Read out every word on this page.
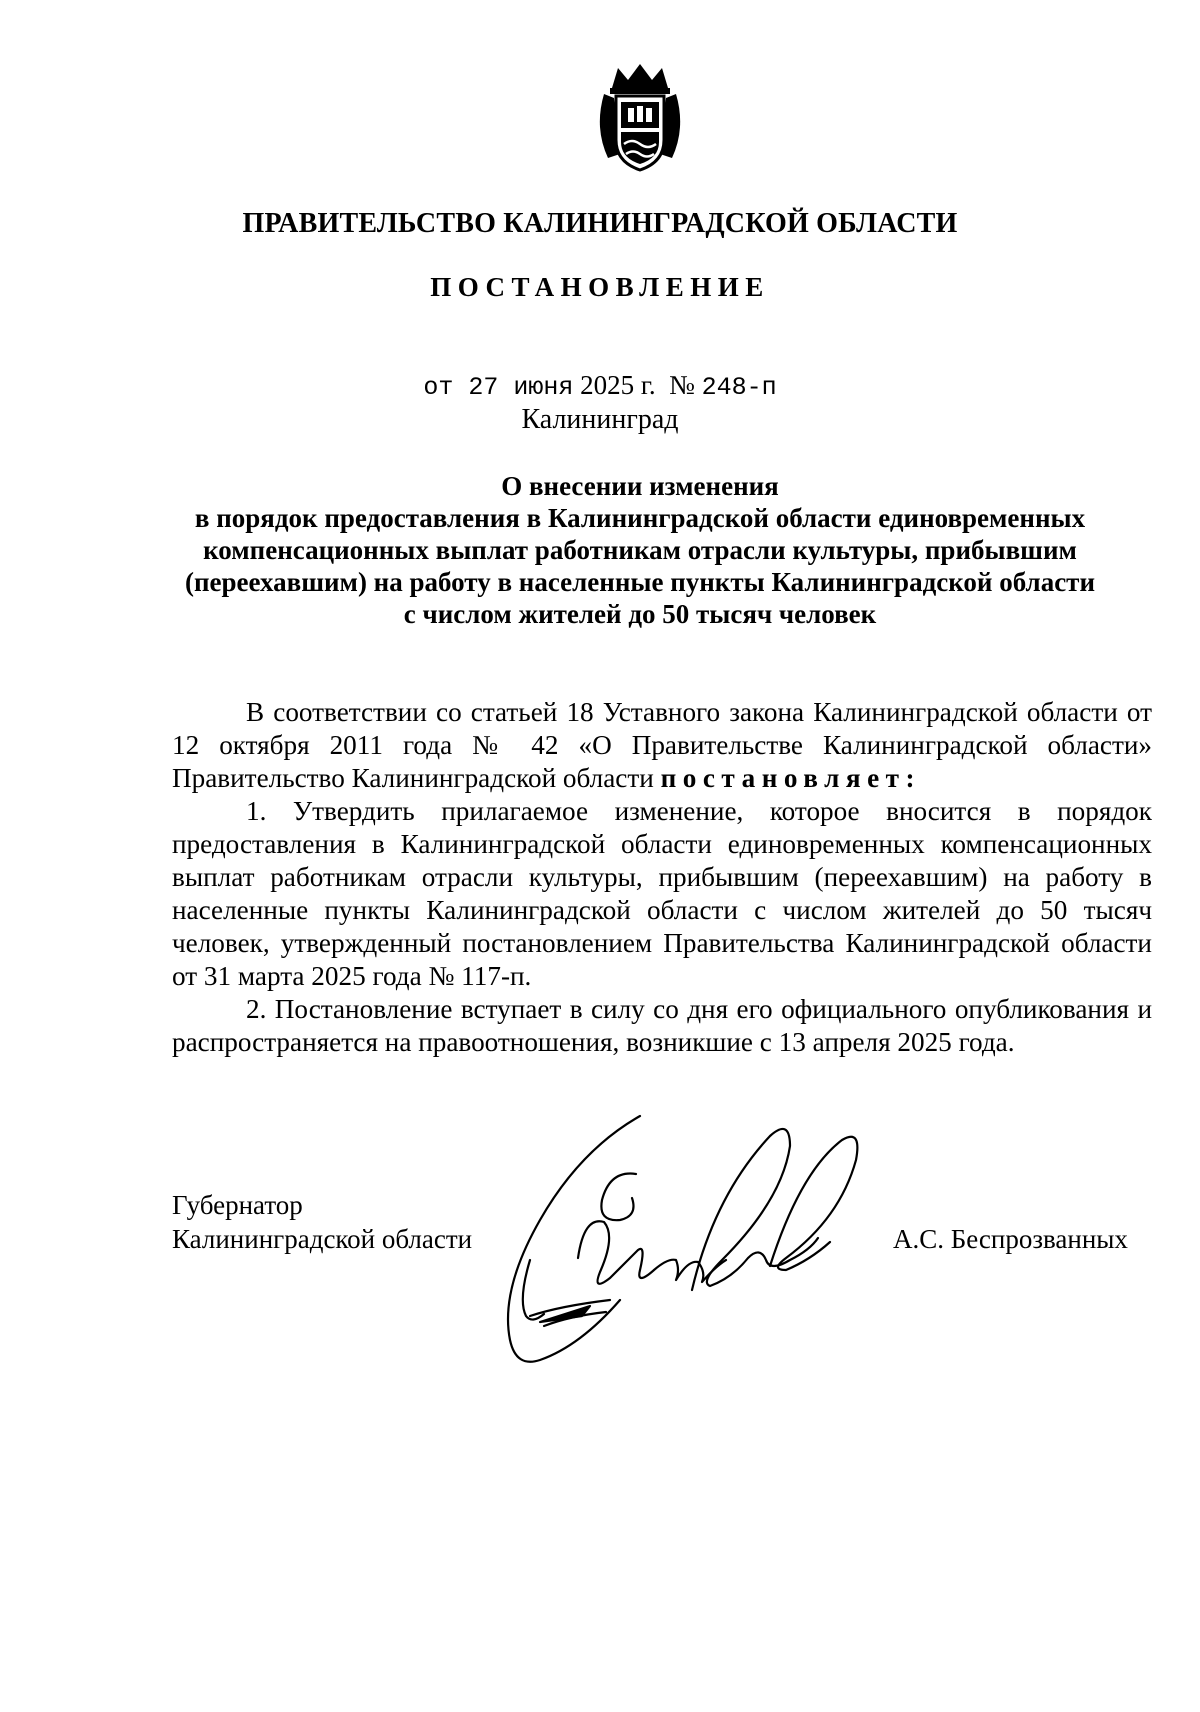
ПРАВИТЕЛЬСТВО КАЛИНИНГРАДСКОЙ ОБЛАСТИ
ПОСТАНОВЛЕНИЕ
от 27 июня 2025 г. № 248-п
Калининград
О внесении изменения
в порядок предоставления в Калининградской области единовременных
компенсационных выплат работникам отрасли культуры, прибывшим
(переехавшим) на работу в населенные пункты Калининградской области
с числом жителей до 50 тысяч человек

В соответствии со статьей 18 Уставного закона Калининградской области от 12 октября 2011 года № 42 «О Правительстве Калининградской области» Правительство Калининградской области постановляет:

1. Утвердить прилагаемое изменение, которое вносится в порядок предоставления в Калининградской области единовременных компенсационных выплат работникам отрасли культуры, прибывшим (переехавшим) на работу в населенные пункты Калининградской области с числом жителей до 50 тысяч человек, утвержденный постановлением Правительства Калининградской области от 31 марта 2025 года № 117-п.

2. Постановление вступает в силу со дня его официального опубликования и распространяется на правоотношения, возникшие с 13 апреля 2025 года.

Губернатор
Калининградской области	А.С. Беспрозванных
